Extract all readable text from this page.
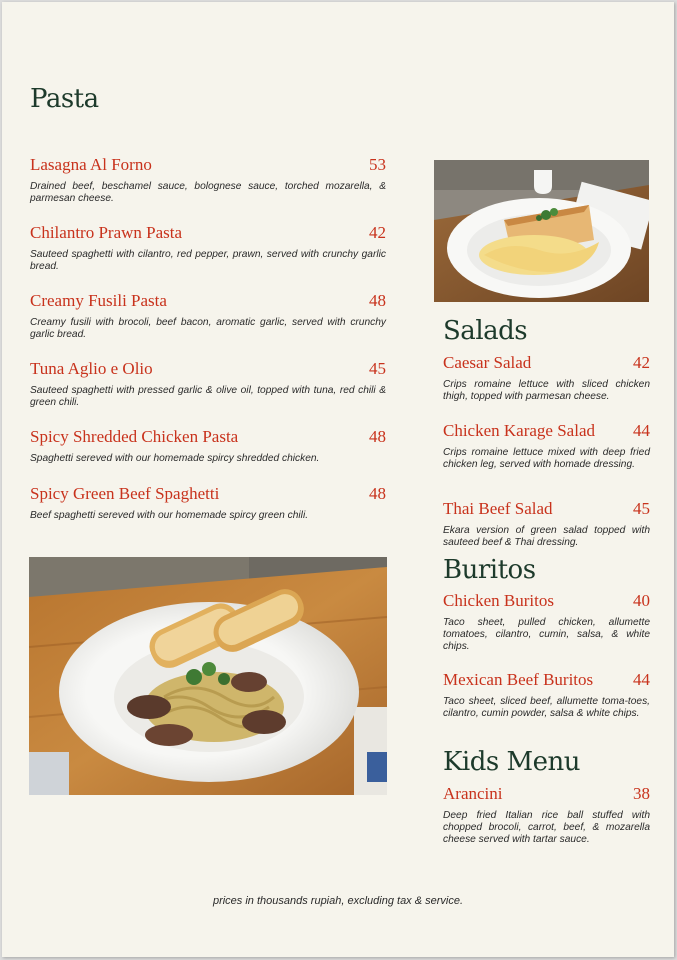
Pasta
Lasagna Al Forno	53
Drained beef, beschamel sauce, bolognese sauce, torched mozarella, & parmesan cheese.
Chilantro Prawn Pasta	42
Sauteed spaghetti with cilantro, red pepper, prawn, served with crunchy garlic bread.
Creamy Fusili Pasta	48
Creamy fusili with brocoli, beef bacon, aromatic garlic, served with crunchy garlic bread.
Tuna Aglio e Olio	45
Sauteed spaghetti with pressed garlic & olive oil, topped with tuna, red chili & green chili.
Spicy Shredded Chicken Pasta	48
Spaghetti sereved with our homemade spircy shredded chicken.
Spicy Green Beef Spaghetti	48
Beef spaghetti sereved with our homemade spircy green chili.
Salads
Caesar Salad	42
Crips romaine lettuce with sliced chicken thigh, topped with parmesan cheese.
Chicken Karage Salad 44
Crips romaine lettuce mixed with deep fried chicken leg, served with homade dressing.
Thai Beef Salad	45
Ekara version of green salad topped with sauteed beef & Thai dressing.
Buritos
Chicken Buritos	40
Taco sheet, pulled chicken, allumette tomatoes, cilantro, cumin, salsa, & white chips.
Mexican Beef Buritos 44
Taco sheet, sliced beef, allumette toma-toes, cilantro, cumin powder, salsa & white chips.
Kids Menu
Arancini	38
Deep fried Italian rice ball stuffed with chopped brocoli, carrot, beef, & mozarella cheese served with tartar sauce.
prices in thousands rupiah, excluding tax & service.
